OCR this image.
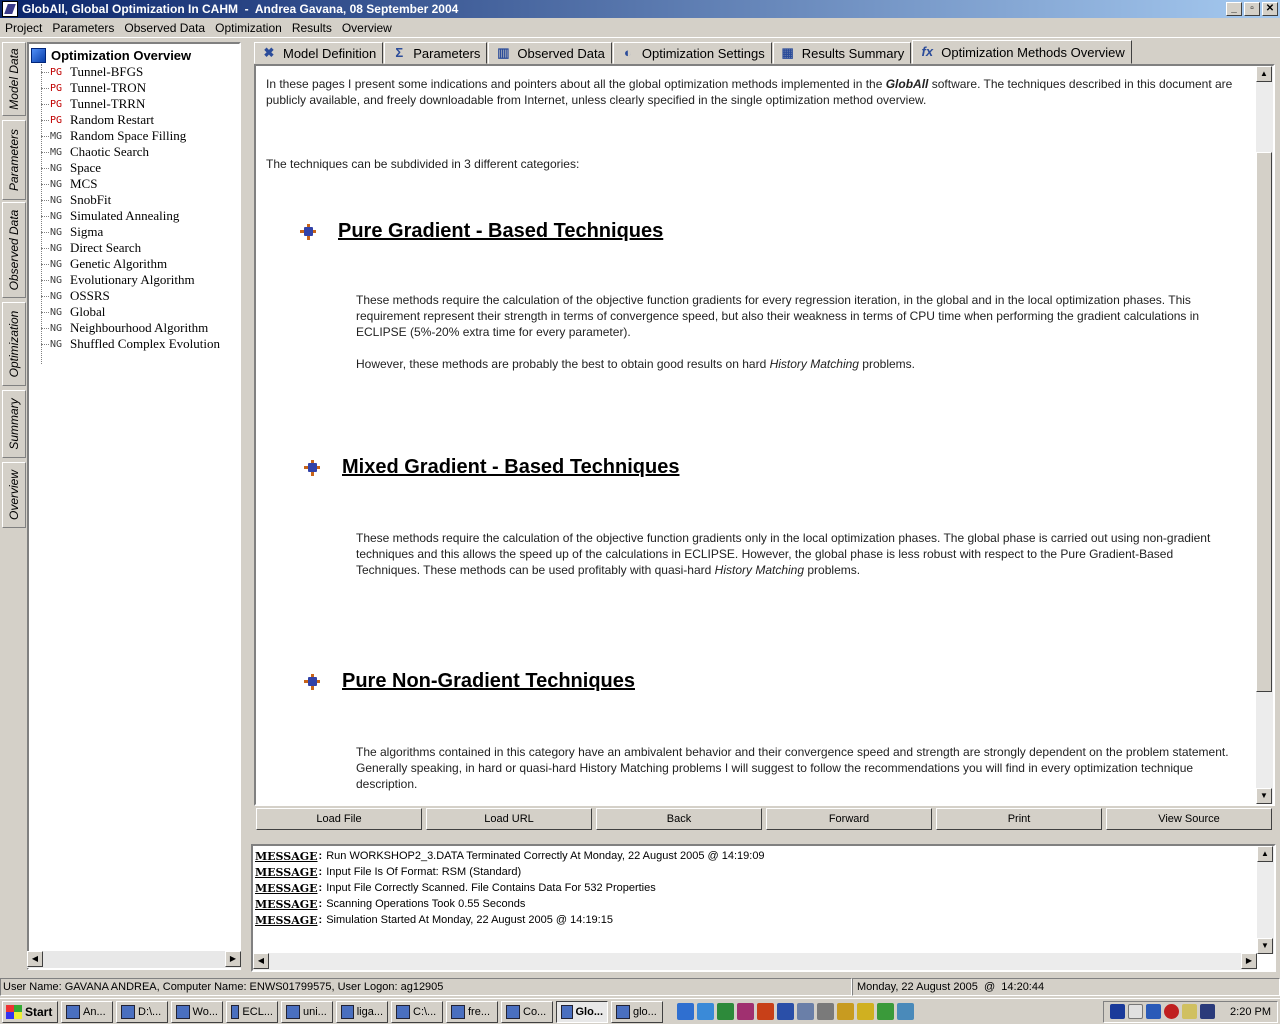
GlobAll, Global Optimization In CAHM  -  Andrea Gavana, 08 September 2004	_	▫	✕
Project Parameters Observed Data Optimization Results Overview
Model Data
Parameters
Observed Data
Optimization
Summary
Overview
Optimization Overview
PG Tunnel-BFGS
PG Tunnel-TRON
PG Tunnel-TRRN
PG Random Restart
MG Random Space Filling
MG Chaotic Search
NG Space
NG MCS
NG SnobFit
NG Simulated Annealing
NG Sigma
NG Direct Search
NG Genetic Algorithm
NG Evolutionary Algorithm
NG OSSRS
NG Global
NG Neighbourhood Algorithm
NG Shuffled Complex Evolution
◀	▶
✖ Model Definition	Σ Parameters ▥ Observed Data	◐ Optimization Settings ▦ Results Summary fx Optimization Methods Overview
In these pages I present some indications and pointers about all the global optimization methods implemented in the GlobAll software. The techniques described in this document are publicly available, and freely downloadable from Internet, unless clearly specified in the single optimization method overview.
The techniques can be subdivided in 3 different categories:
Pure Gradient - Based Techniques
These methods require the calculation of the objective function gradients for every regression iteration, in the global and in the local optimization phases. This requirement represent their strength in terms of convergence speed, but also their weakness in terms of CPU time when performing the gradient calculations in ECLIPSE (5%-20% extra time for every parameter).
However, these methods are probably the best to obtain good results on hard History Matching problems.
Mixed Gradient - Based Techniques
These methods require the calculation of the objective function gradients only in the local optimization phases. The global phase is carried out using non-gradient techniques and this allows the speed up of the calculations in ECLIPSE. However, the global phase is less robust with respect to the Pure Gradient-Based Techniques. These methods can be used profitably with quasi-hard History Matching problems.
Pure Non-Gradient Techniques
The algorithms contained in this category have an ambivalent behavior and their convergence speed and strength are strongly dependent on the problem statement. Generally speaking, in hard or quasi-hard History Matching problems I will suggest to follow the recommendations you will find in every optimization technique description.
▲
▼
Load File	Load URL	Back	Forward	Print	View Source
MESSAGE : Run WORKSHOP2_3.DATA Terminated Correctly At Monday, 22 August 2005 @ 14:19:09
MESSAGE : Input File Is Of Format: RSM (Standard)
MESSAGE : Input File Correctly Scanned. File Contains Data For 532 Properties
MESSAGE : Scanning Operations Took 0.55 Seconds
MESSAGE : Simulation Started At Monday, 22 August 2005 @ 14:19:15
▲
▼
◀	▶
User Name: GAVANA ANDREA, Computer Name: ENWS01799575, User Logon: ag12905	Monday, 22 August 2005  @  14:20:44
Start	An...	D:\...	Wo... ECL...	uni...	liga...	C:\...	fre...	Co...	Glo...	glo...	2:20 PM
